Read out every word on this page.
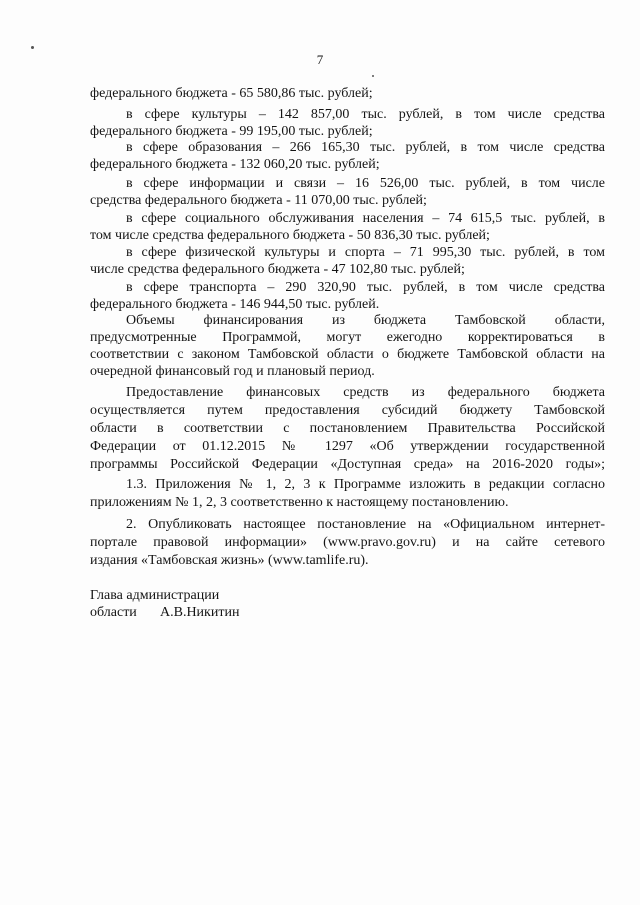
7
федерального бюджета - 65 580,86 тыс. рублей;
в сфере культуры – 142 857,00 тыс. рублей, в том числе средства
федерального бюджета - 99 195,00 тыс. рублей;
в сфере образования – 266 165,30 тыс. рублей, в том числе средства
федерального бюджета - 132 060,20 тыс. рублей;
в сфере информации и связи – 16 526,00 тыс. рублей, в том числе
средства федерального бюджета - 11 070,00 тыс. рублей;
в сфере социального обслуживания населения – 74 615,5 тыс. рублей, в
том числе средства федерального бюджета - 50 836,30 тыс. рублей;
в сфере физической культуры и спорта – 71 995,30 тыс. рублей, в том
числе средства федерального бюджета - 47 102,80 тыс. рублей;
в сфере транспорта – 290 320,90 тыс. рублей, в том числе средства
федерального бюджета - 146 944,50 тыс. рублей.
Объемы финансирования из бюджета Тамбовской области,
предусмотренные Программой, могут ежегодно корректироваться в
соответствии с законом Тамбовской области о бюджете Тамбовской области на
очередной финансовый год и плановый период.
Предоставление финансовых средств из федерального бюджета
осуществляется путем предоставления субсидий бюджету Тамбовской
области в соответствии с постановлением Правительства Российской
Федерации от 01.12.2015 № 1297 «Об утверждении государственной
программы Российской Федерации «Доступная среда» на 2016-2020 годы»;
1.3. Приложения № 1, 2, 3 к Программе изложить в редакции согласно
приложениям № 1, 2, 3 соответственно к настоящему постановлению.
2. Опубликовать настоящее постановление на «Официальном интернет-
портале правовой информации» (www.pravo.gov.ru) и на сайте сетевого
издания «Тамбовская жизнь» (www.tamlife.ru).
Глава администрации
области А.В.Никитин
